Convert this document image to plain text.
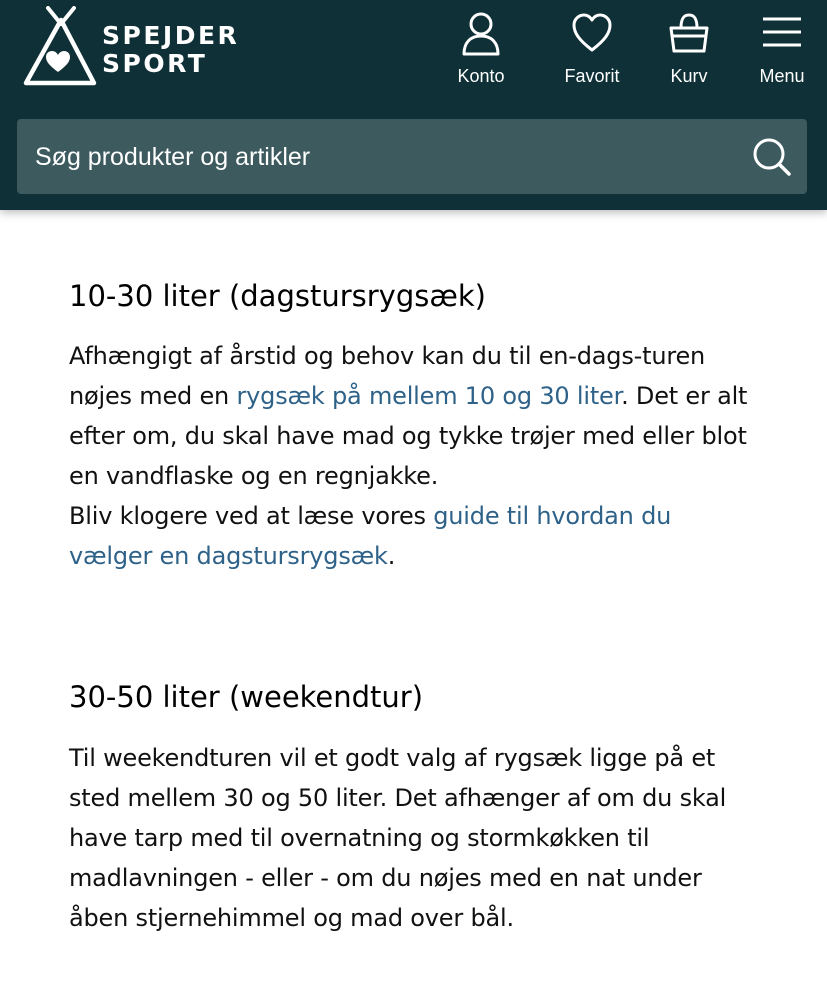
SPEJDER
SPORT	Konto	Favorit	Kurv	Menu
Søg produkter og artikler
10-30 liter (dagstursrygsæk)

Afhængigt af årstid og behov kan du til en-dags-turen nøjes med en rygsæk på mellem 10 og 30 liter. Det er alt efter om, du skal have mad og tykke trøjer med eller blot en vandflaske og en regnjakke.
Bliv klogere ved at læse vores guide til hvordan du vælger en dagstursrygsæk.

30-50 liter (weekendtur)

Til weekendturen vil et godt valg af rygsæk ligge på et sted mellem 30 og 50 liter. Det afhænger af om du skal have tarp med til overnatning og stormkøkken til madlavningen - eller - om du nøjes med en nat under åben stjernehimmel og mad over bål.
